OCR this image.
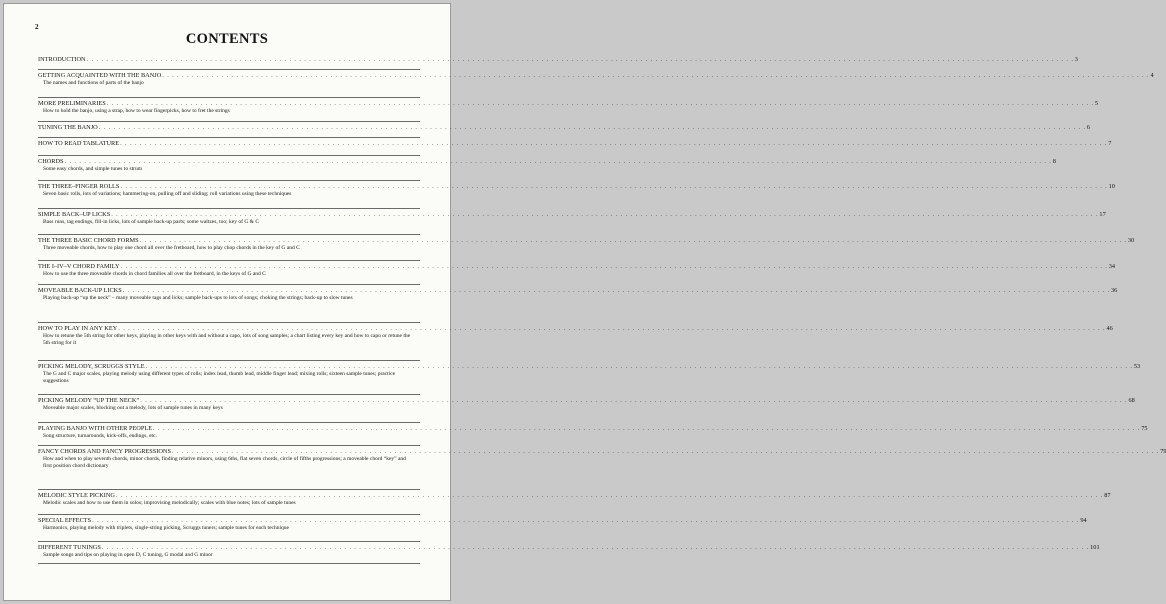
2
CONTENTS
INTRODUCTION . . . . . . . . . . . . . . . . . . . . . . . . . . . . . . . . . . . . . . . . . . . . . . . . . . . . . . . . . . . . . . . . . . . . . . . . . . . . . . . . . . . . . . . . . . . . . . . . . . . . . . . . . . . . . . . . . . . . . . . . . . . . . . . . . . . . . . . . . . . . . . . . . . . . . . . . . . . . . . . . . . . . . . . . . . . . . . . . . . . . . . . . . . . . . . . . . . . . . . . . 3
GETTING ACQUAINTED WITH THE BANJO . . . . . . . . . . . . . . . . . . . . . . . . . . . . . . . . . . . . . . . . . . . . . . . . . . . . . . . . . . . . . . . . . . . . . . . . . . . . . . . . . . . . . . . . . . . . . . . . . . . . . . . . . . . . . . . . . . . . . . . . . . . . . . . . . . . . . . . . . . . . . . . . . . . . . . . . . . . . . . . . . . . . . . . . . . . . . . . . . . . . . . . . . . . . . . . . . . . . . . . . 4
The names and functions of parts of the banjo
MORE PRELIMINARIES . . . . . . . . . . . . . . . . . . . . . . . . . . . . . . . . . . . . . . . . . . . . . . . . . . . . . . . . . . . . . . . . . . . . . . . . . . . . . . . . . . . . . . . . . . . . . . . . . . . . . . . . . . . . . . . . . . . . . . . . . . . . . . . . . . . . . . . . . . . . . . . . . . . . . . . . . . . . . . . . . . . . . . . . . . . . . . . . . . . . . . . . . . . . . . . . . . . . . . . . 5
How to hold the banjo, using a strap, how to wear fingerpicks, how to fret the strings
TUNING THE BANJO . . . . . . . . . . . . . . . . . . . . . . . . . . . . . . . . . . . . . . . . . . . . . . . . . . . . . . . . . . . . . . . . . . . . . . . . . . . . . . . . . . . . . . . . . . . . . . . . . . . . . . . . . . . . . . . . . . . . . . . . . . . . . . . . . . . . . . . . . . . . . . . . . . . . . . . . . . . . . . . . . . . . . . . . . . . . . . . . . . . . . . . . . . . . . . . . . . . . . . . . 6
HOW TO READ TABLATURE . . . . . . . . . . . . . . . . . . . . . . . . . . . . . . . . . . . . . . . . . . . . . . . . . . . . . . . . . . . . . . . . . . . . . . . . . . . . . . . . . . . . . . . . . . . . . . . . . . . . . . . . . . . . . . . . . . . . . . . . . . . . . . . . . . . . . . . . . . . . . . . . . . . . . . . . . . . . . . . . . . . . . . . . . . . . . . . . . . . . . . . . . . . . . . . . . . . . . . . . 7
CHORDS . . . . . . . . . . . . . . . . . . . . . . . . . . . . . . . . . . . . . . . . . . . . . . . . . . . . . . . . . . . . . . . . . . . . . . . . . . . . . . . . . . . . . . . . . . . . . . . . . . . . . . . . . . . . . . . . . . . . . . . . . . . . . . . . . . . . . . . . . . . . . . . . . . . . . . . . . . . . . . . . . . . . . . . . . . . . . . . . . . . . . . . . . . . . . . . . . . . . . . . . 8
Some easy chords, and simple tunes to strum
THE THREE–FINGER ROLLS . . . . . . . . . . . . . . . . . . . . . . . . . . . . . . . . . . . . . . . . . . . . . . . . . . . . . . . . . . . . . . . . . . . . . . . . . . . . . . . . . . . . . . . . . . . . . . . . . . . . . . . . . . . . . . . . . . . . . . . . . . . . . . . . . . . . . . . . . . . . . . . . . . . . . . . . . . . . . . . . . . . . . . . . . . . . . . . . . . . . . . . . . . . . . . . . . . . . . . . . 10
Seven basic rolls, lots of variations; hammering-on, pulling off and sliding; roll variations using these techniques
SIMPLE BACK–UP LICKS . . . . . . . . . . . . . . . . . . . . . . . . . . . . . . . . . . . . . . . . . . . . . . . . . . . . . . . . . . . . . . . . . . . . . . . . . . . . . . . . . . . . . . . . . . . . . . . . . . . . . . . . . . . . . . . . . . . . . . . . . . . . . . . . . . . . . . . . . . . . . . . . . . . . . . . . . . . . . . . . . . . . . . . . . . . . . . . . . . . . . . . . . . . . . . . . . . . . . . . . 17
Bass runs, tag endings, fill-in licks, lots of sample back-up parts; some waltzes, too; key of G & C
THE THREE BASIC CHORD FORMS . . . . . . . . . . . . . . . . . . . . . . . . . . . . . . . . . . . . . . . . . . . . . . . . . . . . . . . . . . . . . . . . . . . . . . . . . . . . . . . . . . . . . . . . . . . . . . . . . . . . . . . . . . . . . . . . . . . . . . . . . . . . . . . . . . . . . . . . . . . . . . . . . . . . . . . . . . . . . . . . . . . . . . . . . . . . . . . . . . . . . . . . . . . . . . . . . . . . . . . . 30
Three moveable chords, how to play one chord all over the fretboard, how to play chop chords in the key of G and C
THE I–IV–V CHORD FAMILY . . . . . . . . . . . . . . . . . . . . . . . . . . . . . . . . . . . . . . . . . . . . . . . . . . . . . . . . . . . . . . . . . . . . . . . . . . . . . . . . . . . . . . . . . . . . . . . . . . . . . . . . . . . . . . . . . . . . . . . . . . . . . . . . . . . . . . . . . . . . . . . . . . . . . . . . . . . . . . . . . . . . . . . . . . . . . . . . . . . . . . . . . . . . . . . . . . . . . . . . 34
How to use the three moveable chords in chord families all over the fretboard, in the keys of G and C
MOVEABLE BACK-UP LICKS . . . . . . . . . . . . . . . . . . . . . . . . . . . . . . . . . . . . . . . . . . . . . . . . . . . . . . . . . . . . . . . . . . . . . . . . . . . . . . . . . . . . . . . . . . . . . . . . . . . . . . . . . . . . . . . . . . . . . . . . . . . . . . . . . . . . . . . . . . . . . . . . . . . . . . . . . . . . . . . . . . . . . . . . . . . . . . . . . . . . . . . . . . . . . . . . . . . . . . . . 36
Playing back-up “up the neck” – many moveable tags and licks; sample back-ups to lots of songs; choking the strings; back-up to slow tunes
HOW TO PLAY IN ANY KEY . . . . . . . . . . . . . . . . . . . . . . . . . . . . . . . . . . . . . . . . . . . . . . . . . . . . . . . . . . . . . . . . . . . . . . . . . . . . . . . . . . . . . . . . . . . . . . . . . . . . . . . . . . . . . . . . . . . . . . . . . . . . . . . . . . . . . . . . . . . . . . . . . . . . . . . . . . . . . . . . . . . . . . . . . . . . . . . . . . . . . . . . . . . . . . . . . . . . . . . . 46
How to retune the 5th string for other keys, playing in other keys with and without a capo, lots of song samples; a chart listing every key and how to capo or retune the 5th string for it
PICKING MELODY, SCRUGGS STYLE . . . . . . . . . . . . . . . . . . . . . . . . . . . . . . . . . . . . . . . . . . . . . . . . . . . . . . . . . . . . . . . . . . . . . . . . . . . . . . . . . . . . . . . . . . . . . . . . . . . . . . . . . . . . . . . . . . . . . . . . . . . . . . . . . . . . . . . . . . . . . . . . . . . . . . . . . . . . . . . . . . . . . . . . . . . . . . . . . . . . . . . . . . . . . . . . . . . . . . . . 53
The G and C major scales, playing melody using different types of rolls; index lead, thumb lead, middle finger lead; mixing rolls; sixteen sample tunes; practice suggestions
PICKING MELODY “UP THE NECK” . . . . . . . . . . . . . . . . . . . . . . . . . . . . . . . . . . . . . . . . . . . . . . . . . . . . . . . . . . . . . . . . . . . . . . . . . . . . . . . . . . . . . . . . . . . . . . . . . . . . . . . . . . . . . . . . . . . . . . . . . . . . . . . . . . . . . . . . . . . . . . . . . . . . . . . . . . . . . . . . . . . . . . . . . . . . . . . . . . . . . . . . . . . . . . . . . . . . . . . . 68
Moveable major scales, blocking out a melody, lots of sample tunes in many keys
PLAYING BANJO WITH OTHER PEOPLE . . . . . . . . . . . . . . . . . . . . . . . . . . . . . . . . . . . . . . . . . . . . . . . . . . . . . . . . . . . . . . . . . . . . . . . . . . . . . . . . . . . . . . . . . . . . . . . . . . . . . . . . . . . . . . . . . . . . . . . . . . . . . . . . . . . . . . . . . . . . . . . . . . . . . . . . . . . . . . . . . . . . . . . . . . . . . . . . . . . . . . . . . . . . . . . . . . . . . . . . 75
Song structure, turnarounds, kick-offs, endings, etc.
FANCY CHORDS AND FANCY PROGRESSIONS . . . . . . . . . . . . . . . . . . . . . . . . . . . . . . . . . . . . . . . . . . . . . . . . . . . . . . . . . . . . . . . . . . . . . . . . . . . . . . . . . . . . . . . . . . . . . . . . . . . . . . . . . . . . . . . . . . . . . . . . . . . . . . . . . . . . . . . . . . . . . . . . . . . . . . . . . . . . . . . . . . . . . . . . . . . . . . . . . . . . . . . . . . . . . . . . . . . . . . . . 79
How and when to play seventh chords, minor chords, finding relative minors, using 6ths, flat seven chords, circle of fifths progressions; a moveable chord “key” and first position chord dictionary
MELODIC STYLE PICKING . . . . . . . . . . . . . . . . . . . . . . . . . . . . . . . . . . . . . . . . . . . . . . . . . . . . . . . . . . . . . . . . . . . . . . . . . . . . . . . . . . . . . . . . . . . . . . . . . . . . . . . . . . . . . . . . . . . . . . . . . . . . . . . . . . . . . . . . . . . . . . . . . . . . . . . . . . . . . . . . . . . . . . . . . . . . . . . . . . . . . . . . . . . . . . . . . . . . . . . . 87
Melodic scales and how to use them in solos; improvising melodically; scales with blue notes; lots of sample tunes
SPECIAL EFFECTS . . . . . . . . . . . . . . . . . . . . . . . . . . . . . . . . . . . . . . . . . . . . . . . . . . . . . . . . . . . . . . . . . . . . . . . . . . . . . . . . . . . . . . . . . . . . . . . . . . . . . . . . . . . . . . . . . . . . . . . . . . . . . . . . . . . . . . . . . . . . . . . . . . . . . . . . . . . . . . . . . . . . . . . . . . . . . . . . . . . . . . . . . . . . . . . . . . . . . . . . 94
Harmonics, playing melody with triplets, single-string picking, Scruggs tuners; sample tunes for each technique
DIFFERENT TUNINGS . . . . . . . . . . . . . . . . . . . . . . . . . . . . . . . . . . . . . . . . . . . . . . . . . . . . . . . . . . . . . . . . . . . . . . . . . . . . . . . . . . . . . . . . . . . . . . . . . . . . . . . . . . . . . . . . . . . . . . . . . . . . . . . . . . . . . . . . . . . . . . . . . . . . . . . . . . . . . . . . . . . . . . . . . . . . . . . . . . . . . . . . . . . . . . . . . . . . . . . . 101
Sample songs and tips on playing in open D, C tuning, G modal and G minor
